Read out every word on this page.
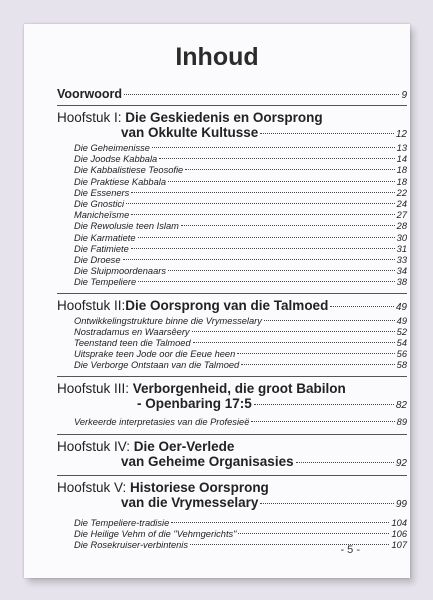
Inhoud
Voorwoord	9
Hoofstuk I: Die Geskiedenis en Oorsprong
van Okkulte Kultusse	12
Die Geheimenisse	13
Die Joodse Kabbala	14
Die Kabbalistiese Teosofie	18
Die Praktiese Kabbala	18
Die Esseners	22
Die Gnostici	24
Manicheïsme	27
Die Rewolusie teen Islam	28
Die Karmatiete	30
Die Fatimiete	31
Die Droese	33
Die Sluipmoordenaars	34
Die Tempeliere	38
Hoofstuk II: Die Oorsprong van die Talmoed	49
Ontwikkelingstrukture binne die Vrymesselary	49
Nostradamus en Waarsêery	52
Teenstand teen die Talmoed	54
Uitsprake teen Jode oor die Eeue heen	56
Die Verborge Ontstaan van die Talmoed	58
Hoofstuk III: Verborgenheid, die groot Babilon
- Openbaring 17:5	82
Verkeerde interpretasies van die Profesieë	89
Hoofstuk IV: Die Oer-Verlede
van Geheime Organisasies	92
Hoofstuk V: Historiese Oorsprong
van die Vrymesselary	99
Die Tempeliere-tradisie	104
Die Heilige Vehm of die "Vehmgerichts"	106
Die Rosekruiser-verbintenis	107
- 5 -
